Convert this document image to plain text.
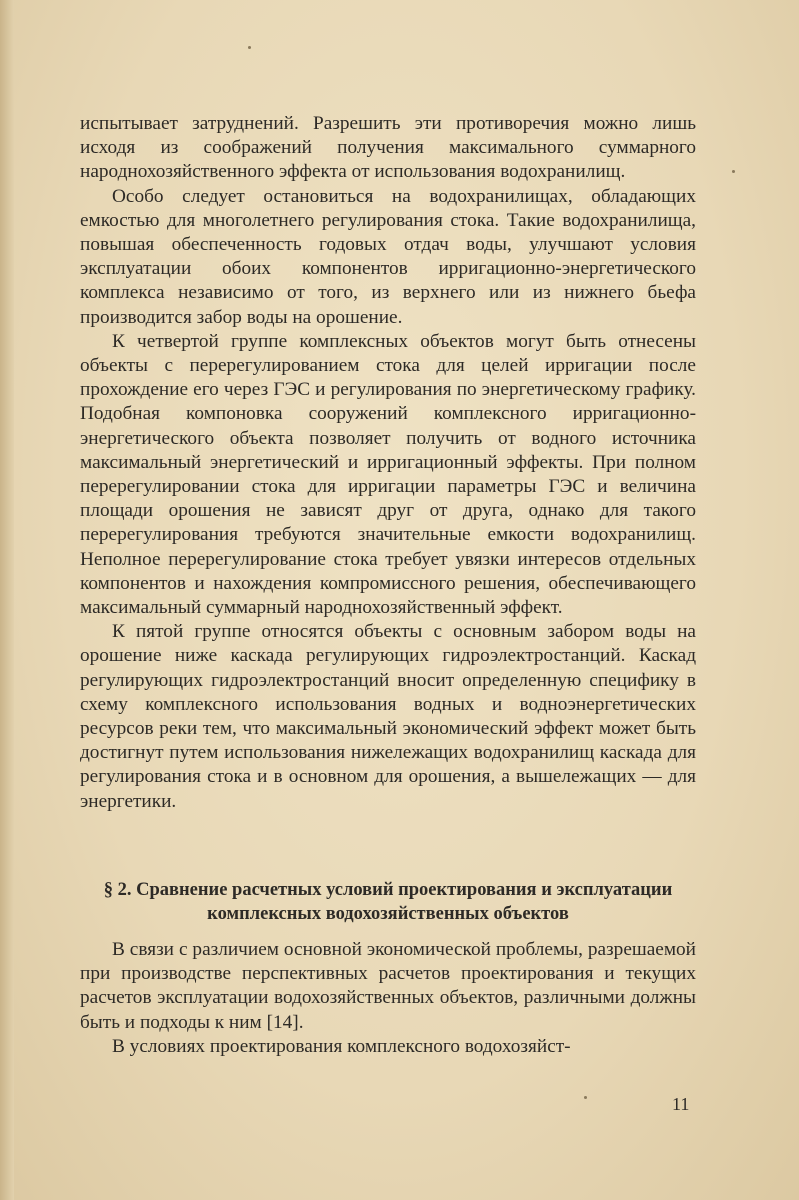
испытывает затруднений. Разрешить эти противоречия можно лишь исходя из соображений получения максимального суммарного народнохозяйственного эффекта от использования водохранилищ.

Особо следует остановиться на водохранилищах, обладающих емкостью для многолетнего регулирования стока. Такие водохранилища, повышая обеспеченность годовых отдач воды, улучшают условия эксплуатации обоих компонентов ирригационно-энергетического комплекса независимо от того, из верхнего или из нижнего бьефа производится забор воды на орошение.

К четвертой группе комплексных объектов могут быть отнесены объекты с перерегулированием стока для целей ирригации после прохождение его через ГЭС и регулирования по энергетическому графику. Подобная компоновка сооружений комплексного ирригационно-энергетического объекта позволяет получить от водного источника максимальный энергетический и ирригационный эффекты. При полном перерегулировании стока для ирригации параметры ГЭС и величина площади орошения не зависят друг от друга, однако для такого перерегулирования требуются значительные емкости водохранилищ. Неполное перерегулирование стока требует увязки интересов отдельных компонентов и нахождения компромиссного решения, обеспечивающего максимальный суммарный народнохозяйственный эффект.

К пятой группе относятся объекты с основным забором воды на орошение ниже каскада регулирующих гидроэлектростанций. Каскад регулирующих гидроэлектростанций вносит определенную специфику в схему комплексного использования водных и водноэнергетических ресурсов реки тем, что максимальный экономический эффект может быть достигнут путем использования нижележащих водохранилищ каскада для регулирования стока и в основном для орошения, а вышележащих — для энергетики.

§ 2. Сравнение расчетных условий проектирования и эксплуатации комплексных водохозяйственных объектов

В связи с различием основной экономической проблемы, разрешаемой при производстве перспективных расчетов проектирования и текущих расчетов эксплуатации водохозяйственных объектов, различными должны быть и подходы к ним [14].

В условиях проектирования комплексного водохозяйст-

11
